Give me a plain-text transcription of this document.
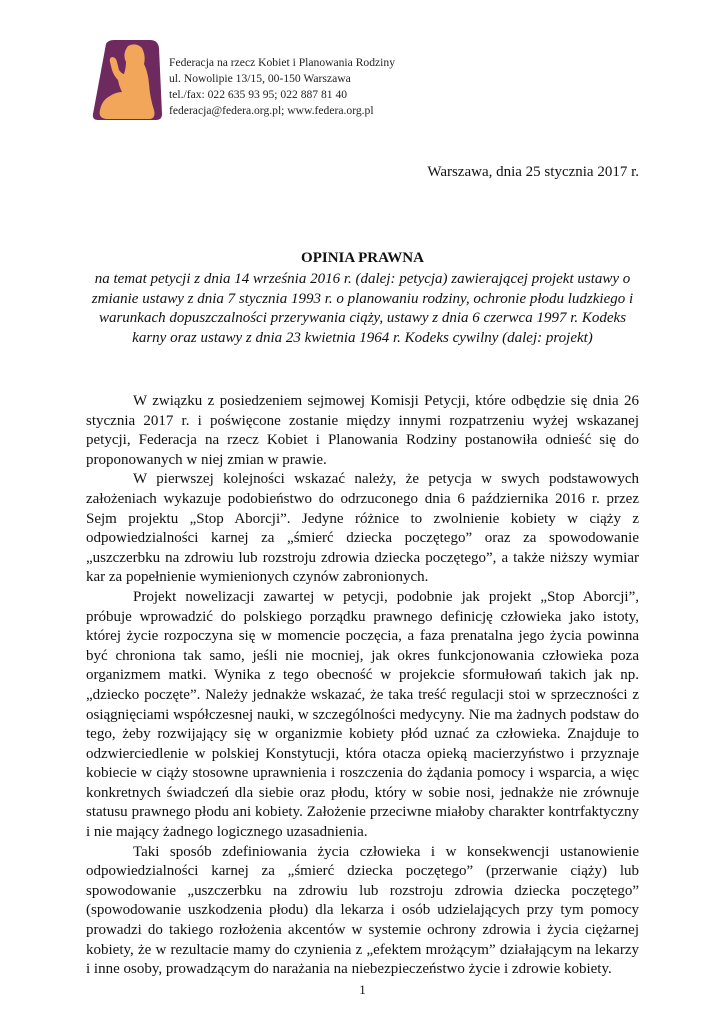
Federacja na rzecz Kobiet i Planowania Rodziny
ul. Nowolipie 13/15, 00-150 Warszawa
tel./fax: 022 635 93 95; 022 887 81 40
federacja@federa.org.pl; www.federa.org.pl
Warszawa, dnia 25 stycznia 2017 r.
OPINIA PRAWNA
na temat petycji z dnia 14 września 2016 r. (dalej: petycja) zawierającej projekt ustawy o zmianie ustawy z dnia 7 stycznia 1993 r. o planowaniu rodziny, ochronie płodu ludzkiego i warunkach dopuszczalności przerywania ciąży, ustawy z dnia 6 czerwca 1997 r. Kodeks karny oraz ustawy z dnia 23 kwietnia 1964 r. Kodeks cywilny (dalej: projekt)

W związku z posiedzeniem sejmowej Komisji Petycji, które odbędzie się dnia 26 stycznia 2017 r. i poświęcone zostanie między innymi rozpatrzeniu wyżej wskazanej petycji, Federacja na rzecz Kobiet i Planowania Rodziny postanowiła odnieść się do proponowanych w niej zmian w prawie.

W pierwszej kolejności wskazać należy, że petycja w swych podstawowych założeniach wykazuje podobieństwo do odrzuconego dnia 6 października 2016 r. przez Sejm projektu „Stop Aborcji”. Jedyne różnice to zwolnienie kobiety w ciąży z odpowiedzialności karnej za „śmierć dziecka poczętego” oraz za spowodowanie „uszczerbku na zdrowiu lub rozstroju zdrowia dziecka poczętego”, a także niższy wymiar kar za popełnienie wymienionych czynów zabronionych.

Projekt nowelizacji zawartej w petycji, podobnie jak projekt „Stop Aborcji”, próbuje wprowadzić do polskiego porządku prawnego definicję człowieka jako istoty, której życie rozpoczyna się w momencie poczęcia, a faza prenatalna jego życia powinna być chroniona tak samo, jeśli nie mocniej, jak okres funkcjonowania człowieka poza organizmem matki. Wynika z tego obecność w projekcie sformułowań takich jak np. „dziecko poczęte”. Należy jednakże wskazać, że taka treść regulacji stoi w sprzeczności z osiągnięciami współczesnej nauki, w szczególności medycyny. Nie ma żadnych podstaw do tego, żeby rozwijający się w organizmie kobiety płód uznać za człowieka. Znajduje to odzwierciedlenie w polskiej Konstytucji, która otacza opieką macierzyństwo i przyznaje kobiecie w ciąży stosowne uprawnienia i roszczenia do żądania pomocy i wsparcia, a więc konkretnych świadczeń dla siebie oraz płodu, który w sobie nosi, jednakże nie zrównuje statusu prawnego płodu ani kobiety. Założenie przeciwne miałoby charakter kontrfaktyczny i nie mający żadnego logicznego uzasadnienia.

Taki sposób zdefiniowania życia człowieka i w konsekwencji ustanowienie odpowiedzialności karnej za „śmierć dziecka poczętego” (przerwanie ciąży) lub spowodowanie „uszczerbku na zdrowiu lub rozstroju zdrowia dziecka poczętego” (spowodowanie uszkodzenia płodu) dla lekarza i osób udzielających przy tym pomocy prowadzi do takiego rozłożenia akcentów w systemie ochrony zdrowia i życia ciężarnej kobiety, że w rezultacie mamy do czynienia z „efektem mrożącym” działającym na lekarzy i inne osoby, prowadzącym do narażania na niebezpieczeństwo życie i zdrowie kobiety.

1
